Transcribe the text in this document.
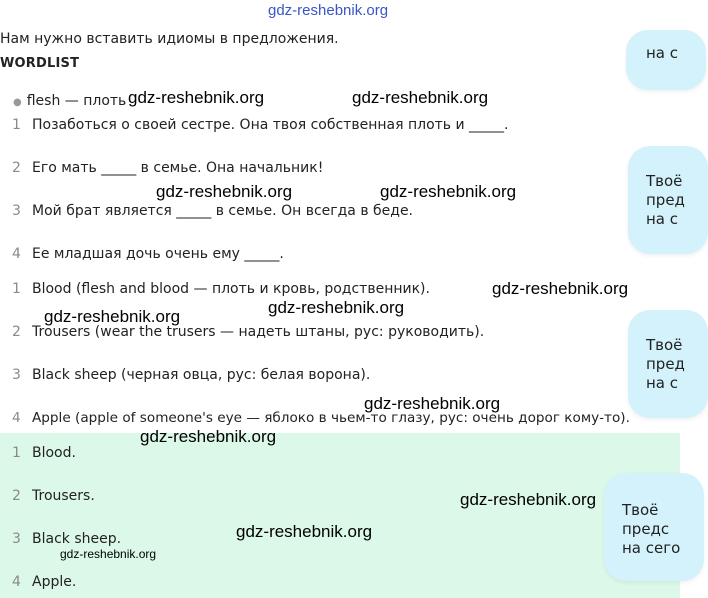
gdz-reshebnik.org
Нам нужно вставить идиомы в предложения.
WORDLIST
● flesh — плоть
1 Позаботься о своей сестре. Она твоя собственная плоть и _____.
2 Его мать _____ в семье. Она начальник!
3 Мой брат является _____ в семье. Он всегда в беде.
4 Ее младшая дочь очень ему _____.
1 Blood (flesh and blood — плоть и кровь, родственник).
2 Trousers (wear the trusers — надеть штаны, рус: руководить).
3 Black sheep (черная овца, рус: белая ворона).
4 Apple (apple of someone's eye — яблоко в чьем-то глазу, рус: очень дорог кому-то).
1 Blood.
2 Trousers.
3 Black sheep.
4 Apple.
на с
Твоё
пред
на с
Твоё
пред
на с
Твоё
предс
на сего
gdz-reshebnik.org	gdz-reshebnik.org
gdz-reshebnik.org	gdz-reshebnik.org
gdz-reshebnik.org
gdz-reshebnik.org
gdz-reshebnik.org
gdz-reshebnik.org
gdz-reshebnik.org
gdz-reshebnik.org
gdz-reshebnik.org
gdz-reshebnik.org
